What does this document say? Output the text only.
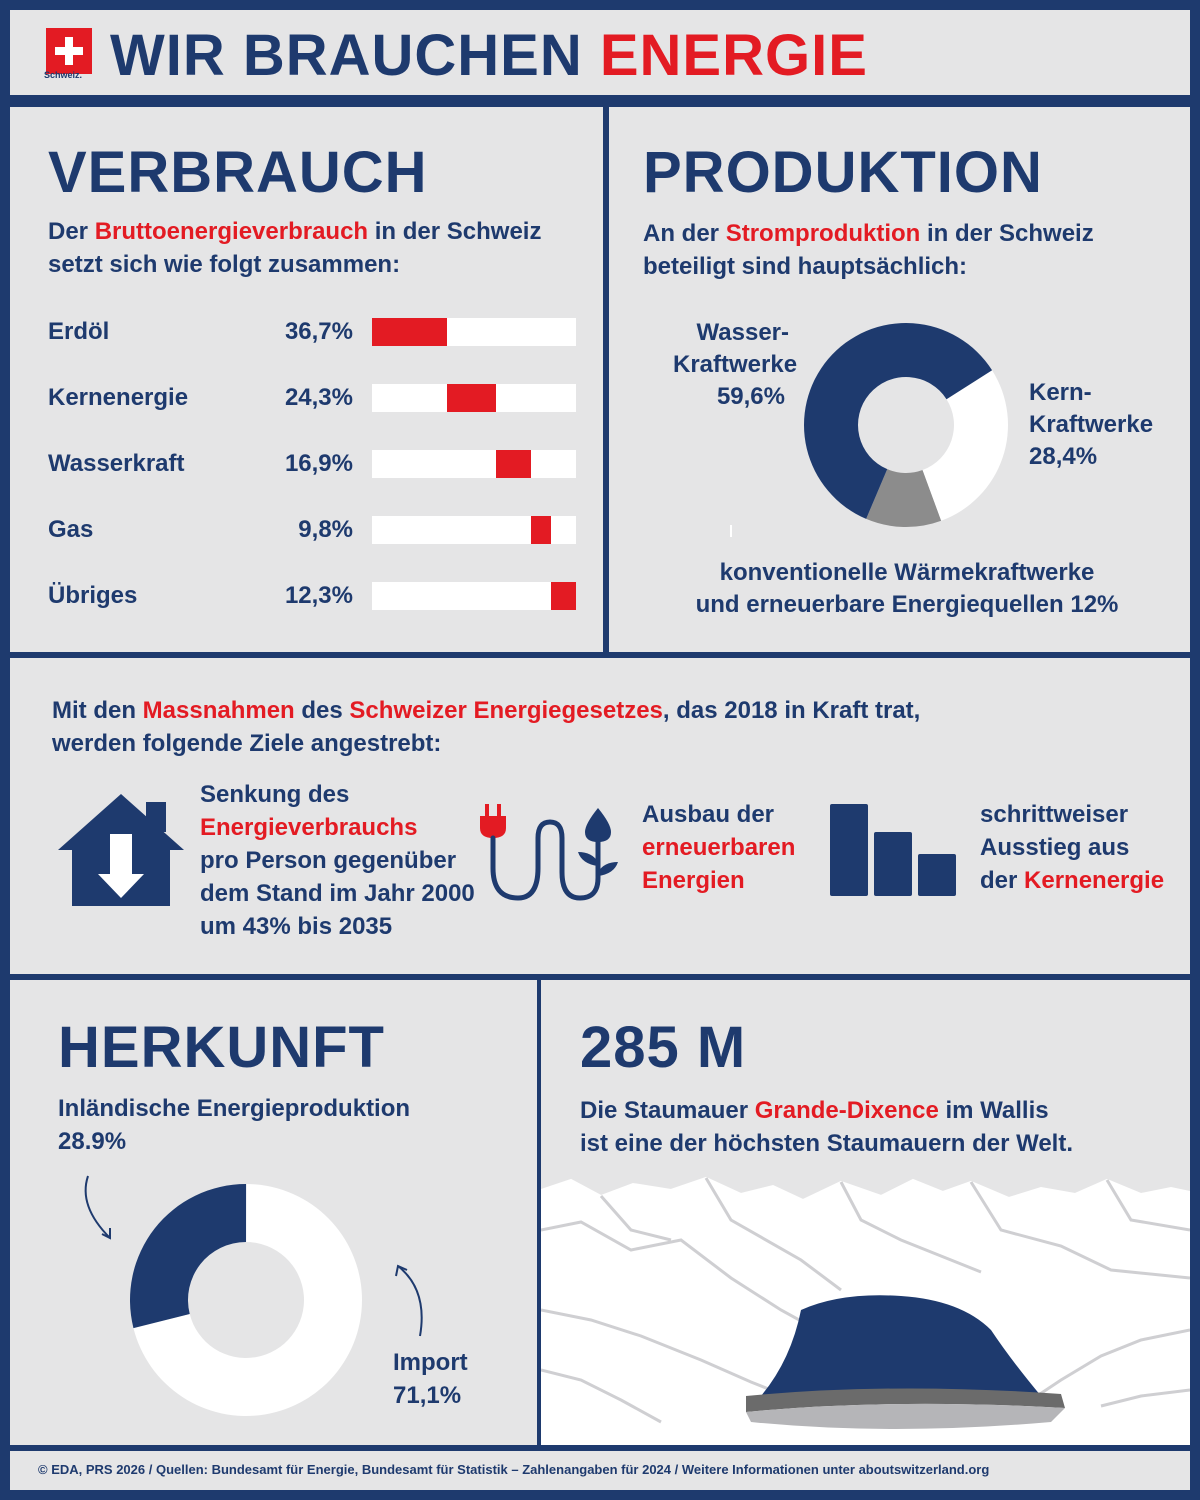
Schweiz. WIR BRAUCHEN ENERGIE
VERBRAUCH

Der Bruttoenergieverbrauch in der Schweiz
setzt sich wie folgt zusammen:

Erdöl	36,7%
Kernenergie	24,3%
Wasserkraft	16,9%
Gas	9,8%
Übriges	12,3%
PRODUKTION

An der Stromproduktion in der Schweiz
beteiligt sind hauptsächlich:

Wasser-
Kraftwerke
59,6%	Kern-
Kraftwerke
28,4%
konventionelle Wärmekraftwerke
und erneuerbare Energiequellen 12%

Mit den Massnahmen des Schweizer Energiegesetzes, das 2018 in Kraft trat,
werden folgende Ziele angestrebt:

Senkung des
Energieverbrauchs
pro Person gegenüber
dem Stand im Jahr 2000
um 43% bis 2035
Ausbau der
erneuerbaren
Energien
schrittweiser
Ausstieg aus
der Kernenergie
HERKUNFT
Inländische Energieproduktion
28.9%
Import
71,1%
285 M

Die Staumauer Grande-Dixence im Wallis
ist eine der höchsten Staumauern der Welt.

© EDA, PRS 2026 / Quellen: Bundesamt für Energie, Bundesamt für Statistik – Zahlenangaben für 2024 / Weitere Informationen unter aboutswitzerland.org
